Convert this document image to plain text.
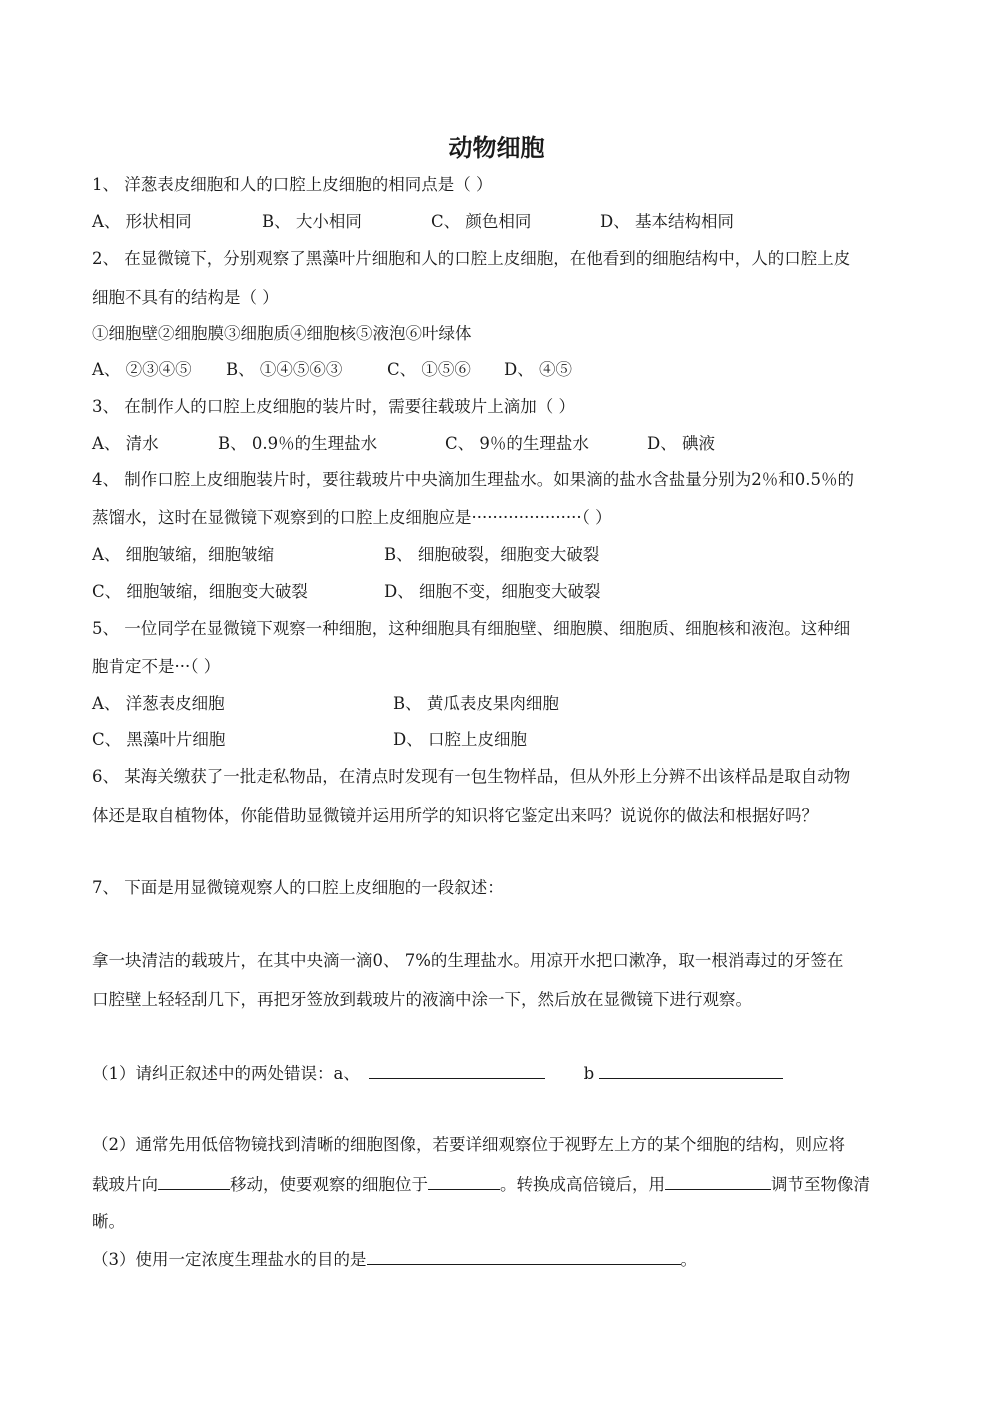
动物细胞
1、 洋葱表皮细胞和人的口腔上皮细胞的相同点是（ ）
A、 形状相同	B、 大小相同	C、 颜色相同	D、 基本结构相同
2、 在显微镜下，分别观察了黑藻叶片细胞和人的口腔上皮细胞，在他看到的细胞结构中，人的口腔上皮
细胞不具有的结构是（ ）
①细胞壁②细胞膜③细胞质④细胞核⑤液泡⑥叶绿体
A、 ②③④⑤ B、 ①④⑤⑥③	C、 ①⑤⑥ D、 ④⑤
3、 在制作人的口腔上皮细胞的装片时，需要往载玻片上滴加（ ）
A、 清水	B、 0.9％的生理盐水	C、 9％的生理盐水	D、 碘液
4、 制作口腔上皮细胞装片时，要往载玻片中央滴加生理盐水。如果滴的盐水含盐量分别为2％和0.5％的
蒸馏水，这时在显微镜下观察到的口腔上皮细胞应是·····················（ ）
A、 细胞皱缩，细胞皱缩	B、 细胞破裂，细胞变大破裂
C、 细胞皱缩，细胞变大破裂	D、 细胞不变，细胞变大破裂
5、 一位同学在显微镜下观察一种细胞，这种细胞具有细胞壁、细胞膜、细胞质、细胞核和液泡。这种细
胞肯定不是···（ ）
A、 洋葱表皮细胞	B、 黄瓜表皮果肉细胞
C、 黑藻叶片细胞	D、 口腔上皮细胞
6、 某海关缴获了一批走私物品，在清点时发现有一包生物样品，但从外形上分辨不出该样品是取自动物
体还是取自植物体，你能借助显微镜并运用所学的知识将它鉴定出来吗？说说你的做法和根据好吗？
7、 下面是用显微镜观察人的口腔上皮细胞的一段叙述：
拿一块清洁的载玻片，在其中央滴一滴0、 7%的生理盐水。用凉开水把口漱净，取一根消毒过的牙签在
口腔壁上轻轻刮几下，再把牙签放到载玻片的液滴中涂一下，然后放在显微镜下进行观察。
（1）请纠正叙述中的两处错误：a、	b
（2）通常先用低倍物镜找到清晰的细胞图像，若要详细观察位于视野左上方的某个细胞的结构，则应将
载玻片向	移动，使要观察的细胞位于	。转换成高倍镜后，用	调节至物像清
晰。
（3）使用一定浓度生理盐水的目的是	。
